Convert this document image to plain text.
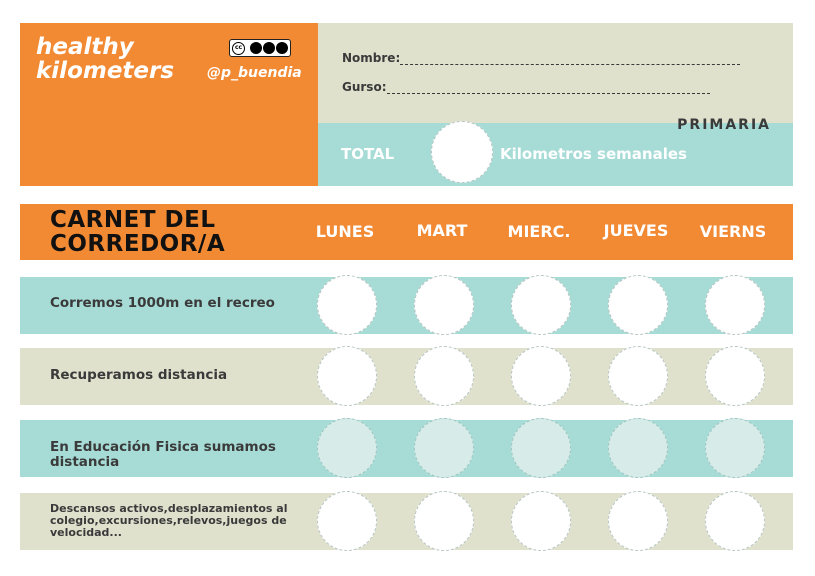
healthy
kilometers
cc
@p_buendia
Nombre:
Gurso:
PRIMARIA
TOTAL	Kilometros semanales
CARNET DEL
CORREDOR/A	LUNES	MART	MIERC.	JUEVES	VIERNS
Corremos 1000m en el recreo
Recuperamos distancia
En Educación Fisica sumamos distancia
Descansos activos,desplazamientos al colegio,excursiones,relevos,juegos de velocidad...
